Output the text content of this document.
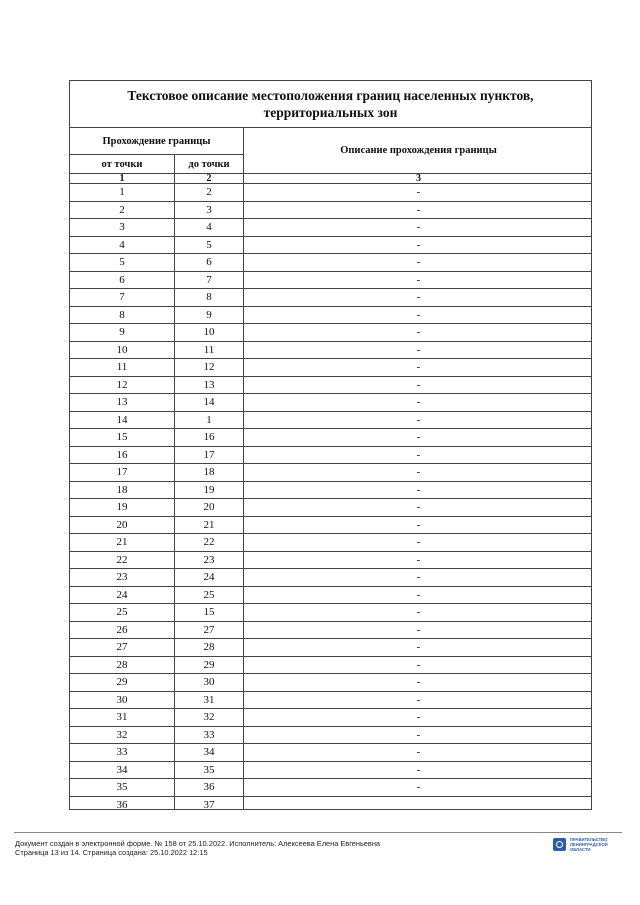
Текстовое описание местоположения границ населенных пунктов,
территориальных зон
Прохождение границы
Описание прохождения границы
от точки	до точки
1	2	3
1	2	-
2	3	-
3	4	-
4	5	-
5	6	-
6	7	-
7	8	-
8	9	-
9	10	-
10	11	-
11	12	-
12	13	-
13	14	-
14	1	-
15	16	-
16	17	-
17	18	-
18	19	-
19	20	-
20	21	-
21	22	-
22	23	-
23	24	-
24	25	-
25	15	-
26	27	-
27	28	-
28	29	-
29	30	-
30	31	-
31	32	-
32	33	-
33	34	-
34	35	-
35	36	-
36	37
Документ создан в электронной форме. № 158 от 25.10.2022. Исполнитель: Алексеева Елена Евгеньевна
Страница 13 из 14. Страница создана: 25.10.2022 12:15
ПРАВИТЕЛЬСТВО
ЛЕНИНГРАДСКОЙ
ОБЛАСТИ
